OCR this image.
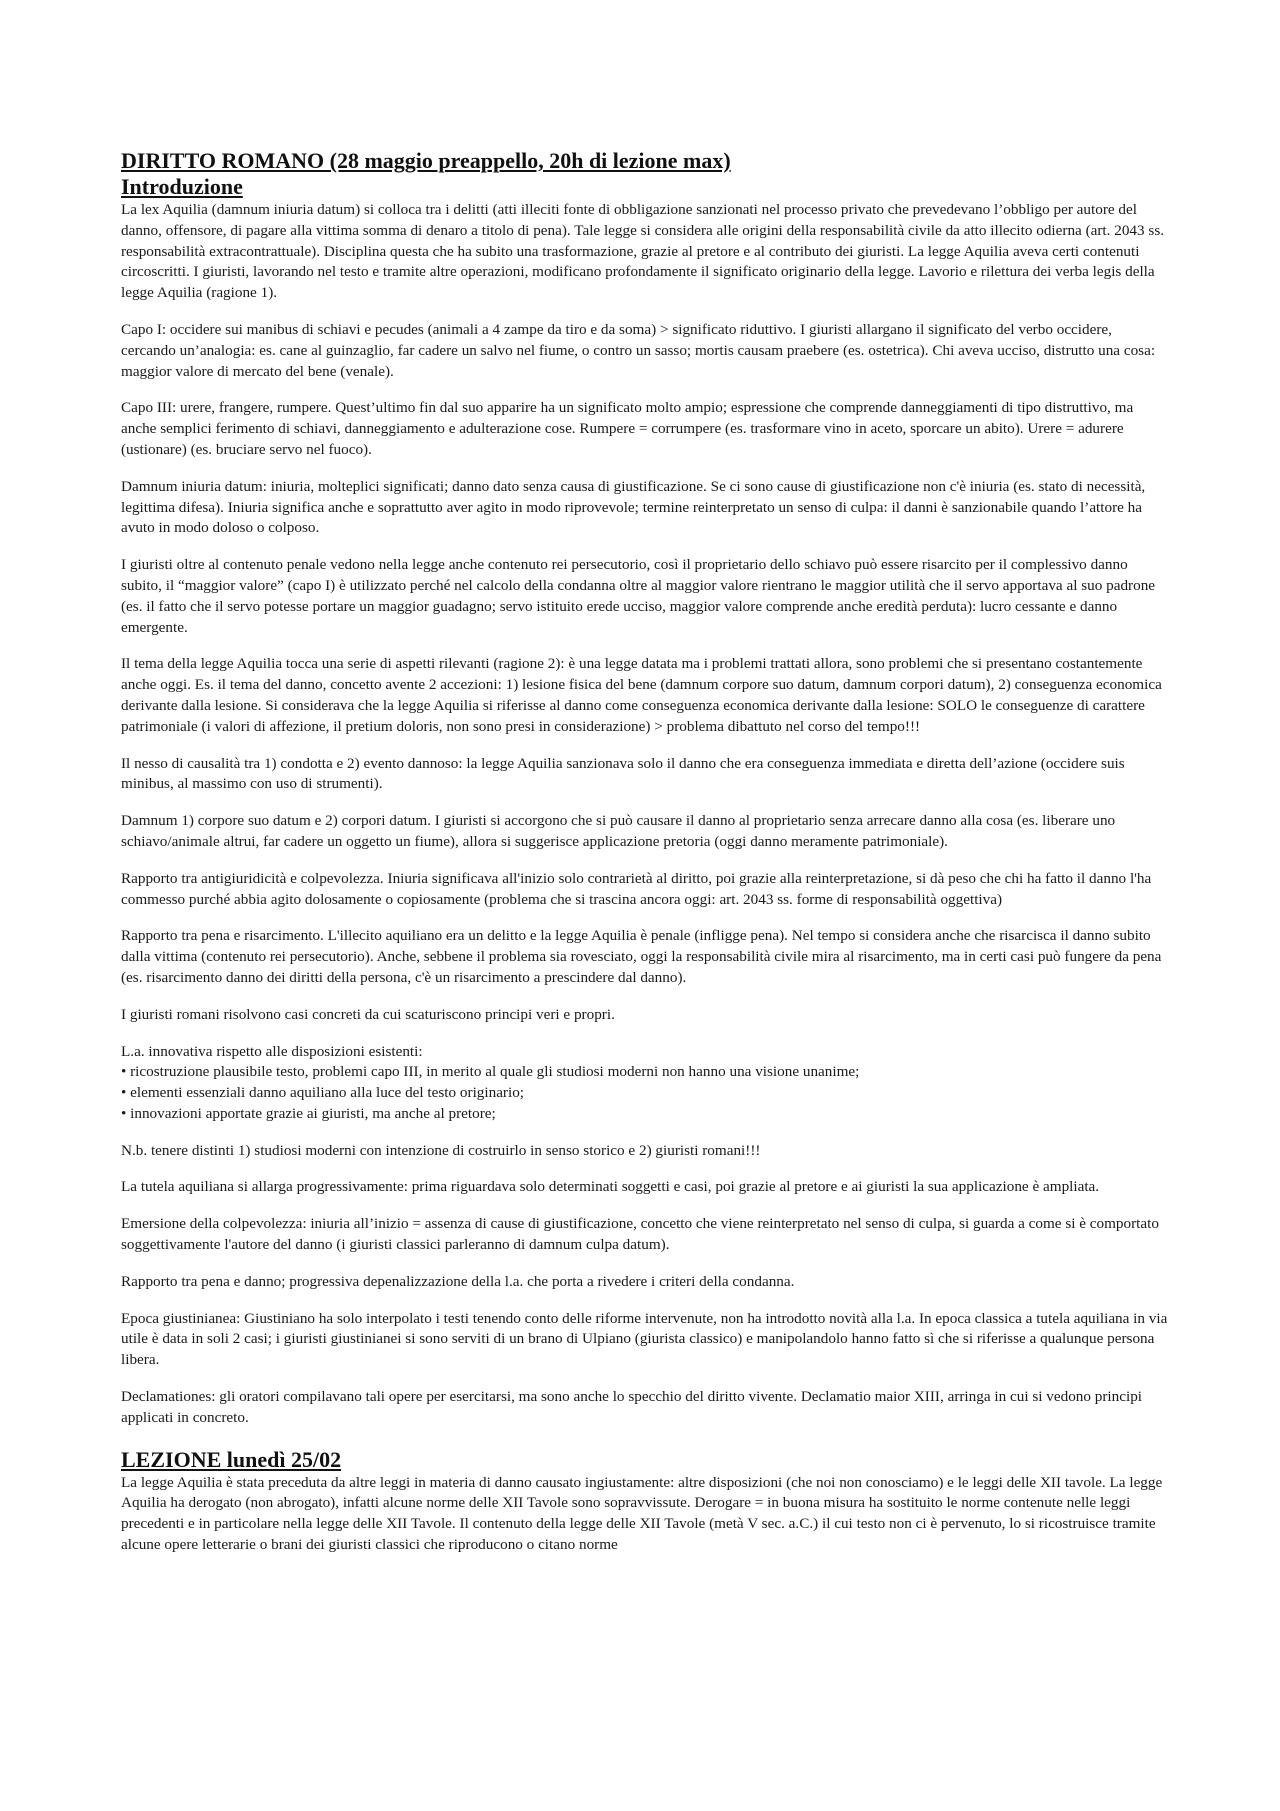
DIRITTO ROMANO (28 maggio preappello, 20h di lezione max)
Introduzione

La lex Aquilia (damnum iniuria datum) si colloca tra i delitti (atti illeciti fonte di obbligazione sanzionati nel processo privato che prevedevano l’obbligo per autore del danno, offensore, di pagare alla vittima somma di denaro a titolo di pena). Tale legge si considera alle origini della responsabilità civile da atto illecito odierna (art. 2043 ss. responsabilità extracontrattuale). Disciplina questa che ha subito una trasformazione, grazie al pretore e al contributo dei giuristi. La legge Aquilia aveva certi contenuti circoscritti. I giuristi, lavorando nel testo e tramite altre operazioni, modificano profondamente il significato originario della legge. Lavorio e rilettura dei verba legis della legge Aquilia (ragione 1).

Capo I: occidere sui manibus di schiavi e pecudes (animali a 4 zampe da tiro e da soma) > significato riduttivo. I giuristi allargano il significato del verbo occidere, cercando un’analogia: es. cane al guinzaglio, far cadere un salvo nel fiume, o contro un sasso; mortis causam praebere (es. ostetrica). Chi aveva ucciso, distrutto una cosa: maggior valore di mercato del bene (venale).

Capo III: urere, frangere, rumpere. Quest’ultimo fin dal suo apparire ha un significato molto ampio; espressione che comprende danneggiamenti di tipo distruttivo, ma anche semplici ferimento di schiavi, danneggiamento e adulterazione cose. Rumpere = corrumpere (es. trasformare vino in aceto, sporcare un abito). Urere = adurere (ustionare) (es. bruciare servo nel fuoco).

Damnum iniuria datum: iniuria, molteplici significati; danno dato senza causa di giustificazione. Se ci sono cause di giustificazione non c'è iniuria (es. stato di necessità, legittima difesa). Iniuria significa anche e soprattutto aver agito in modo riprovevole; termine reinterpretato un senso di culpa: il danni è sanzionabile quando l’attore ha avuto in modo doloso o colposo.

I giuristi oltre al contenuto penale vedono nella legge anche contenuto rei persecutorio, così il proprietario dello schiavo può essere risarcito per il complessivo danno subito, il “maggior valore” (capo I) è utilizzato perché nel calcolo della condanna oltre al maggior valore rientrano le maggior utilità che il servo apportava al suo padrone (es. il fatto che il servo potesse portare un maggior guadagno; servo istituito erede ucciso, maggior valore comprende anche eredità perduta): lucro cessante e danno emergente.

Il tema della legge Aquilia tocca una serie di aspetti rilevanti (ragione 2): è una legge datata ma i problemi trattati allora, sono problemi che si presentano costantemente anche oggi. Es. il tema del danno, concetto avente 2 accezioni: 1) lesione fisica del bene (damnum corpore suo datum, damnum corpori datum), 2) conseguenza economica derivante dalla lesione. Si considerava che la legge Aquilia si riferisse al danno come conseguenza economica derivante dalla lesione: SOLO le conseguenze di carattere patrimoniale (i valori di affezione, il pretium doloris, non sono presi in considerazione) > problema dibattuto nel corso del tempo!!!

Il nesso di causalità tra 1) condotta e 2) evento dannoso: la legge Aquilia sanzionava solo il danno che era conseguenza immediata e diretta dell’azione (occidere suis minibus, al massimo con uso di strumenti).

Damnum 1) corpore suo datum e 2) corpori datum. I giuristi si accorgono che si può causare il danno al proprietario senza arrecare danno alla cosa (es. liberare uno schiavo/animale altrui, far cadere un oggetto un fiume), allora si suggerisce applicazione pretoria (oggi danno meramente patrimoniale).

Rapporto tra antigiuridicità e colpevolezza. Iniuria significava all'inizio solo contrarietà al diritto, poi grazie alla reinterpretazione, si dà peso che chi ha fatto il danno l'ha commesso purché abbia agito dolosamente o copiosamente (problema che si trascina ancora oggi: art. 2043 ss. forme di responsabilità oggettiva)

Rapporto tra pena e risarcimento. L'illecito aquiliano era un delitto e la legge Aquilia è penale (infligge pena). Nel tempo si considera anche che risarcisca il danno subito dalla vittima (contenuto rei persecutorio). Anche, sebbene il problema sia rovesciato, oggi la responsabilità civile mira al risarcimento, ma in certi casi può fungere da pena (es. risarcimento danno dei diritti della persona, c'è un risarcimento a prescindere dal danno).

I giuristi romani risolvono casi concreti da cui scaturiscono principi veri e propri.

L.a. innovativa rispetto alle disposizioni esistenti:

• ricostruzione plausibile testo, problemi capo III, in merito al quale gli studiosi moderni non hanno una visione unanime;
• elementi essenziali danno aquiliano alla luce del testo originario;
• innovazioni apportate grazie ai giuristi, ma anche al pretore;

N.b. tenere distinti 1) studiosi moderni con intenzione di costruirlo in senso storico e 2) giuristi romani!!!

La tutela aquiliana si allarga progressivamente: prima riguardava solo determinati soggetti e casi, poi grazie al pretore e ai giuristi la sua applicazione è ampliata.

Emersione della colpevolezza: iniuria all’inizio = assenza di cause di giustificazione, concetto che viene reinterpretato nel senso di culpa, si guarda a come si è comportato soggettivamente l'autore del danno (i giuristi classici parleranno di damnum culpa datum).

Rapporto tra pena e danno; progressiva depenalizzazione della l.a. che porta a rivedere i criteri della condanna.

Epoca giustinianea: Giustiniano ha solo interpolato i testi tenendo conto delle riforme intervenute, non ha introdotto novità alla l.a. In epoca classica a tutela aquiliana in via utile è data in soli 2 casi; i giuristi giustinianei si sono serviti di un brano di Ulpiano (giurista classico) e manipolandolo hanno fatto sì che si riferisse a qualunque persona libera.

Declamationes: gli oratori compilavano tali opere per esercitarsi, ma sono anche lo specchio del diritto vivente. Declamatio maior XIII, arringa in cui si vedono principi applicati in concreto.

LEZIONE lunedì 25/02

La legge Aquilia è stata preceduta da altre leggi in materia di danno causato ingiustamente: altre disposizioni (che noi non conosciamo) e le leggi delle XII tavole. La legge Aquilia ha derogato (non abrogato), infatti alcune norme delle XII Tavole sono sopravvissute. Derogare = in buona misura ha sostituito le norme contenute nelle leggi precedenti e in particolare nella legge delle XII Tavole. Il contenuto della legge delle XII Tavole (metà V sec. a.C.) il cui testo non ci è pervenuto, lo si ricostruisce tramite alcune opere letterarie o brani dei giuristi classici che riproducono o citano norme
